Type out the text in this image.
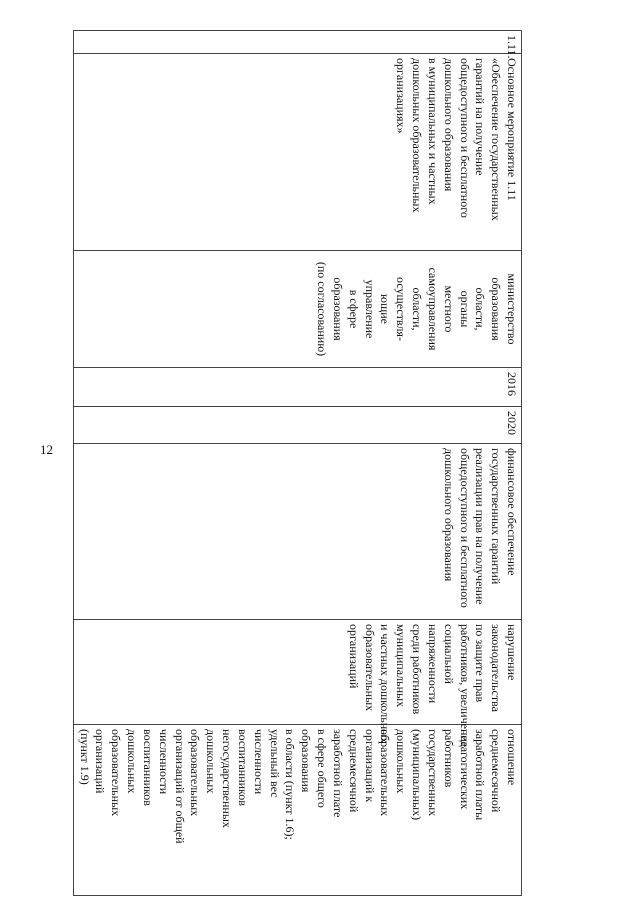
12
1.11.

Основное мероприятие 1.11
«Обеспечение государственных
гарантий на получение
общедоступного и бесплатного
дошкольного образования
в муниципальных и частных
дошкольных образовательных
организациях»

министерство
образования
области,
органы
местного
самоуправления
области,
осуществля-
ющие
управление
в сфере
образования
(по согласованию)

2016

2020

финансовое обеспечение
государственных гарантий
реализации прав на получение
общедоступного и бесплатного
дошкольного образования

нарушение
законодательства
по защите прав
работников, увеличение
социальной
напряженности
среди работников
муниципальных
и частных дошкольных
образовательных
организаций

отношение
среднемесячной
заработной платы
педагогических
работников
государственных
(муниципальных)
дошкольных
образовательных
организаций к
среднемесячной
заработной плате
в сфере общего
образования
в области (пункт 1.6);
удельный вес
численности
воспитанников
негосударственных
дошкольных
образовательных
организаций от общей
численности
воспитанников
дошкольных
образовательных
организаций
(пункт 1.9)
